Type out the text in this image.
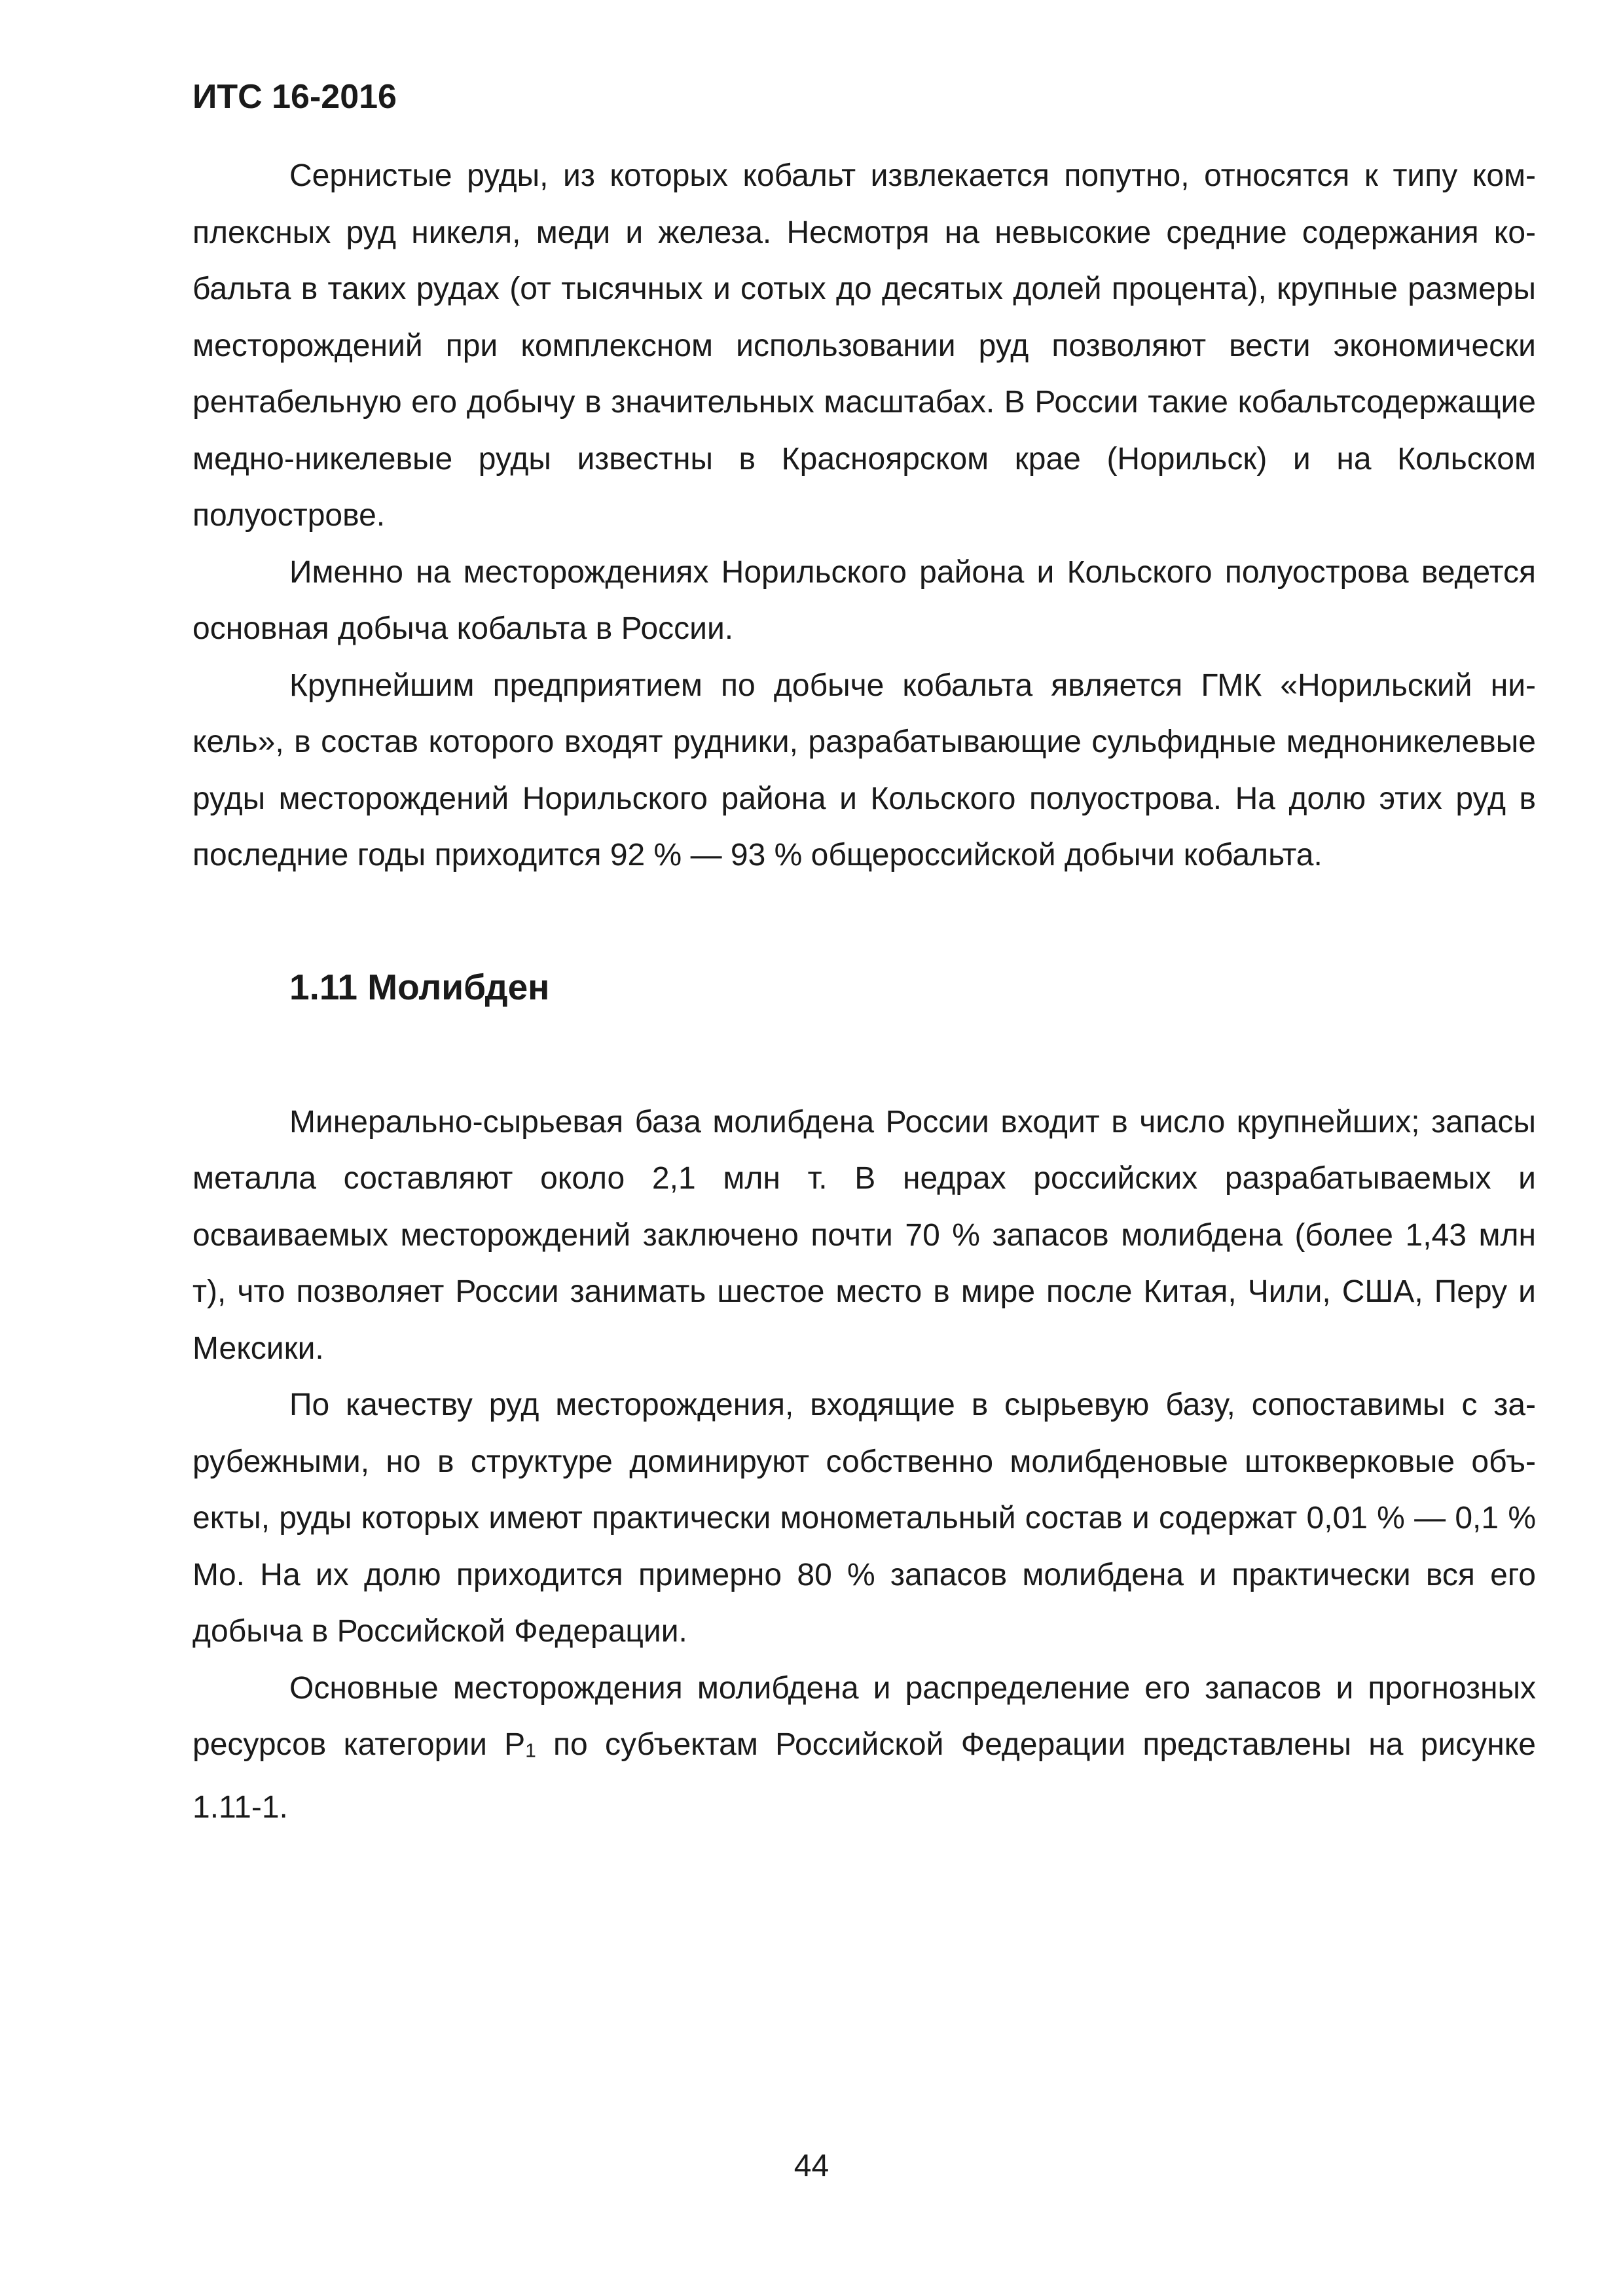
ИТС 16-2016

Сернистые руды, из которых кобальт извлекается попутно, относятся к типу комплексных руд никеля, меди и железа. Несмотря на невысокие средние содержания кобальта в таких рудах (от тысячных и сотых до десятых долей процента), крупные размеры месторождений при комплексном использовании руд позволяют вести экономически рентабельную его добычу в значительных масштабах. В России такие кобальтсодержащие медно-никелевые руды известны в Красноярском крае (Норильск) и на Кольском полуострове.

Именно на месторождениях Норильского района и Кольского полуострова ведется основная добыча кобальта в России.

Крупнейшим предприятием по добыче кобальта является ГМК «Норильский никель», в состав которого входят рудники, разрабатывающие сульфидные медноникелевые руды месторождений Норильского района и Кольского полуострова. На долю этих руд в последние годы приходится 92 % — 93 % общероссийской добычи кобальта.

1.11 Молибден

Минерально-сырьевая база молибдена России входит в число крупнейших; запасы металла составляют около 2,1 млн т. В недрах российских разрабатываемых и осваиваемых месторождений заключено почти 70 % запасов молибдена (более 1,43 млн т), что позволяет России занимать шестое место в мире после Китая, Чили, США, Перу и Мексики.

По качеству руд месторождения, входящие в сырьевую базу, сопоставимы с зарубежными, но в структуре доминируют собственно молибденовые штокверковые объекты, руды которых имеют практически монометальный состав и содержат 0,01 % — 0,1 % Mo. На их долю приходится примерно 80 % запасов молибдена и практически вся его добыча в Российской Федерации.

Основные месторождения молибдена и распределение его запасов и прогнозных ресурсов категории P1 по субъектам Российской Федерации представлены на рисунке 1.11-1.

44
